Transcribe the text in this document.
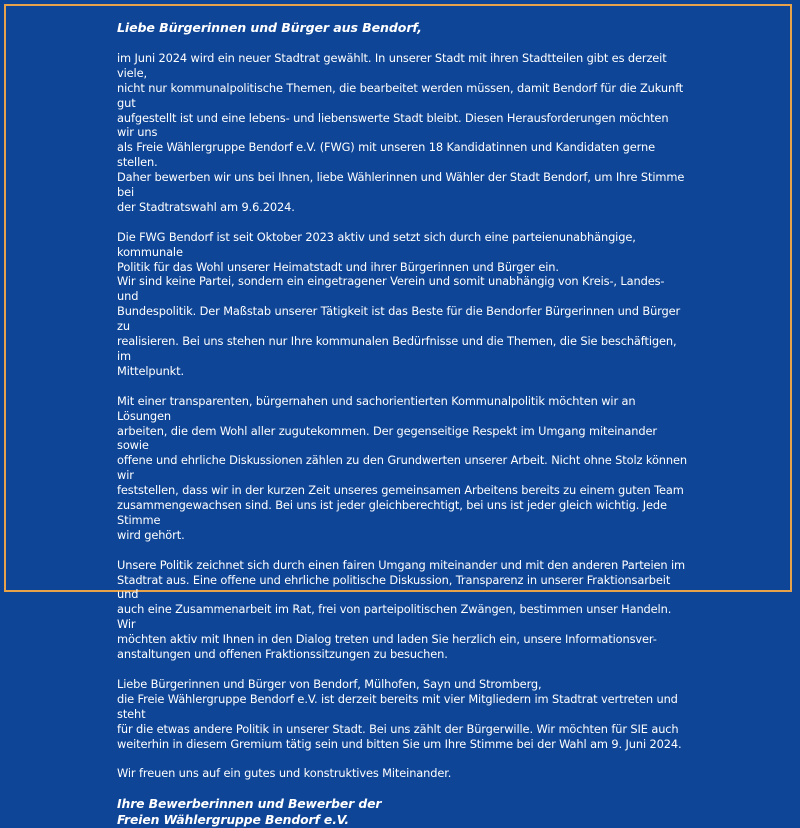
Liebe Bürgerinnen und Bürger aus Bendorf,
im Juni 2024 wird ein neuer Stadtrat gewählt. In unserer Stadt mit ihren Stadtteilen gibt es derzeit viele,
nicht nur kommunalpolitische Themen, die bearbeitet werden müssen, damit Bendorf für die Zukunft gut
aufgestellt ist und eine lebens- und liebenswerte Stadt bleibt. Diesen Herausforderungen möchten wir uns
als Freie Wählergruppe Bendorf e.V. (FWG) mit unseren 18 Kandidatinnen und Kandidaten gerne stellen.
Daher bewerben wir uns bei Ihnen, liebe Wählerinnen und Wähler der Stadt Bendorf, um Ihre Stimme bei
der Stadtratswahl am 9.6.2024.
Die FWG Bendorf ist seit Oktober 2023 aktiv und setzt sich durch eine parteienunabhängige, kommunale
Politik für das Wohl unserer Heimatstadt und ihrer Bürgerinnen und Bürger ein.
Wir sind keine Partei, sondern ein eingetragener Verein und somit unabhängig von Kreis-, Landes- und
Bundespolitik. Der Maßstab unserer Tätigkeit ist das Beste für die Bendorfer Bürgerinnen und Bürger zu
realisieren. Bei uns stehen nur Ihre kommunalen Bedürfnisse und die Themen, die Sie beschäftigen, im
Mittelpunkt.
Mit einer transparenten, bürgernahen und sachorientierten Kommunalpolitik möchten wir an Lösungen
arbeiten, die dem Wohl aller zugutekommen. Der gegenseitige Respekt im Umgang miteinander sowie
offene und ehrliche Diskussionen zählen zu den Grundwerten unserer Arbeit. Nicht ohne Stolz können wir
feststellen, dass wir in der kurzen Zeit unseres gemeinsamen Arbeitens bereits zu einem guten Team
zusammengewachsen sind. Bei uns ist jeder gleichberechtigt, bei uns ist jeder gleich wichtig. Jede Stimme
wird gehört.
Unsere Politik zeichnet sich durch einen fairen Umgang miteinander und mit den anderen Parteien im
Stadtrat aus. Eine offene und ehrliche politische Diskussion, Transparenz in unserer Fraktionsarbeit und
auch eine Zusammenarbeit im Rat, frei von parteipolitischen Zwängen, bestimmen unser Handeln. Wir
möchten aktiv mit Ihnen in den Dialog treten und laden Sie herzlich ein, unsere Informationsver-
anstaltungen und offenen Fraktionssitzungen zu besuchen.
Liebe Bürgerinnen und Bürger von Bendorf, Mülhofen, Sayn und Stromberg,
die Freie Wählergruppe Bendorf e.V. ist derzeit bereits mit vier Mitgliedern im Stadtrat vertreten und steht
für die etwas andere Politik in unserer Stadt. Bei uns zählt der Bürgerwille. Wir möchten für SIE auch
weiterhin in diesem Gremium tätig sein und bitten Sie um Ihre Stimme bei der Wahl am 9. Juni 2024.
Wir freuen uns auf ein gutes und konstruktives Miteinander.
Ihre Bewerberinnen und Bewerber der
Freien Wählergruppe Bendorf e.V.
